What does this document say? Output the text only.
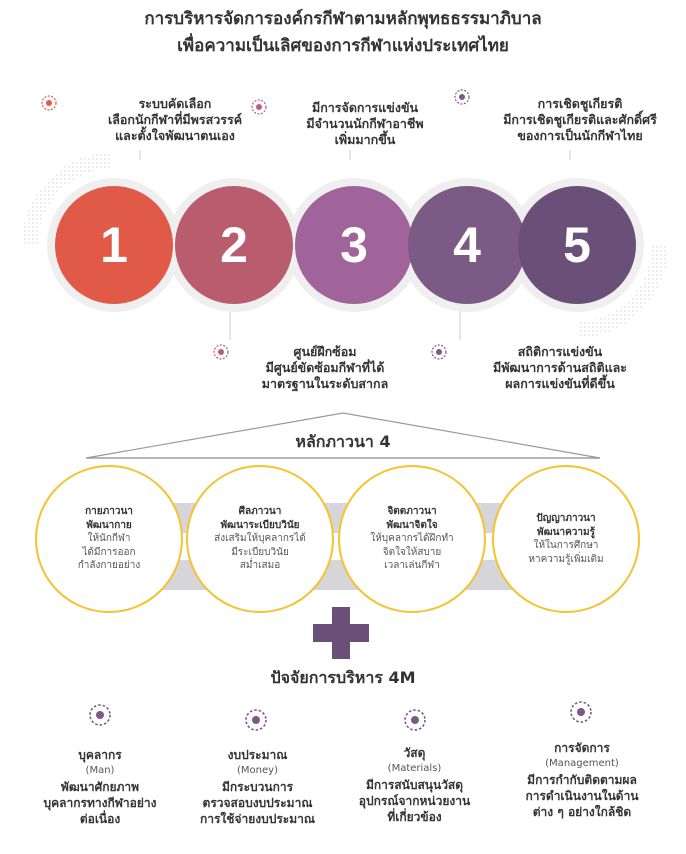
การบริหารจัดการองค์กรกีฬาตามหลักพุทธธรรมาภิบาล
เพื่อความเป็นเลิศของการกีฬาแห่งประเทศไทย
ระบบคัดเลือก
เลือกนักกีฬาที่มีพรสวรรค์
และตั้งใจพัฒนาตนเอง
มีการจัดการแข่งขัน
มีจำนวนนักกีฬาอาชีพ
เพิ่มมากขึ้น
การเชิดชูเกียรติ
มีการเชิดชูเกียรติและศักดิ์ศรี
ของการเป็นนักกีฬาไทย
1	2	3	4	5
ศูนย์ฝึกซ้อม
มีศูนย์ขัดซ้อมกีฬาที่ได้
มาตรฐานในระดับสากล
สถิติการแข่งขัน
มีพัฒนาการด้านสถิติและ
ผลการแข่งขันที่ดีขึ้น
หลักภาวนา 4
กายภาวนา
พัฒนากาย
ให้นักกีฬา
ได้มีการออก
กำลังกายอย่าง
ศีลภาวนา
พัฒนาระเบียบวินัย
ส่งเสริมให้บุคลากรได้
มีระเบียบวินัย
สม่ำเสมอ
จิตตภาวนา
พัฒนาจิตใจ
ให้บุคลากรได้ฝึกทำ
จิตใจให้สบาย
เวลาเล่นกีฬา
ปัญญาภาวนา
พัฒนาความรู้
ให้ในการศึกษา
หาความรู้เพิ่มเติม
ปัจจัยการบริหาร 4M
บุคลากร
(Man)
พัฒนาศักยภาพ
บุคลากรทางกีฬาอย่าง
ต่อเนื่อง
งบประมาณ
(Money)
มีกระบวนการ
ตรวจสอบงบประมาณ
การใช้จ่ายงบประมาณ
วัสดุ
(Materials)
มีการสนับสนุนวัสดุ
อุปกรณ์จากหน่วยงาน
ที่เกี่ยวข้อง
การจัดการ
(Management)
มีการกำกับติดตามผล
การดำเนินงานในด้าน
ต่าง ๆ อย่างใกล้ชิด
